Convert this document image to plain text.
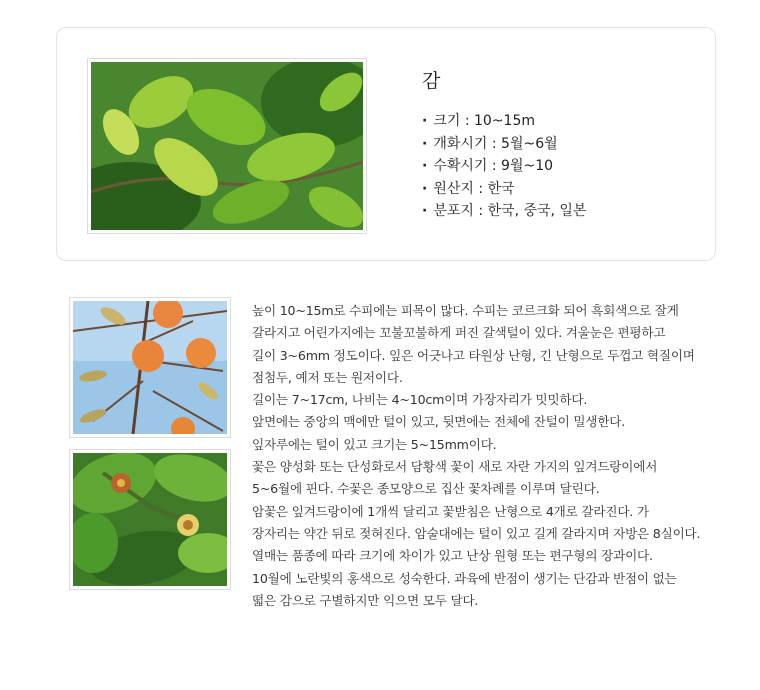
감
· 크기 : 10~15m
· 개화시기 : 5월~6월
· 수확시기 : 9월~10
· 원산지 : 한국
· 분포지 : 한국, 중국, 일본
높이 10~15m로 수피에는 피목이 많다. 수피는 코르크화 되어 흑회색으로 잘게
갈라지고 어린가지에는 꼬불꼬불하게 퍼진 갈색털이 있다. 겨울눈은 편평하고
길이 3~6mm 정도이다. 잎은 어긋나고 타원상 난형, 긴 난형으로 두껍고 혁질이며
점첨두, 예저 또는 원저이다.
길이는 7~17cm, 나비는 4~10cm이며 가장자리가 밋밋하다.
앞면에는 중앙의 맥에만 털이 있고, 뒷면에는 전체에 잔털이 밀생한다.
잎자루에는 털이 있고 크기는 5~15mm이다.
꽃은 양성화 또는 단성화로서 담황색 꽃이 새로 자란 가지의 잎겨드랑이에서
5~6월에 핀다. 수꽃은 종모양으로 집산 꽃차례를 이루며 달린다.
암꽃은 잎겨드랑이에 1개씩 달리고 꽃받침은 난형으로 4개로 갈라진다. 가
장자리는 약간 뒤로 젖혀진다. 암술대에는 털이 있고 길게 갈라지며 자방은 8실이다.
열매는 품종에 따라 크기에 차이가 있고 난상 원형 또는 편구형의 장과이다.
10월에 노란빛의 홍색으로 성숙한다. 과육에 반점이 생기는 단감과 반점이 없는
떫은 감으로 구별하지만 익으면 모두 달다.
